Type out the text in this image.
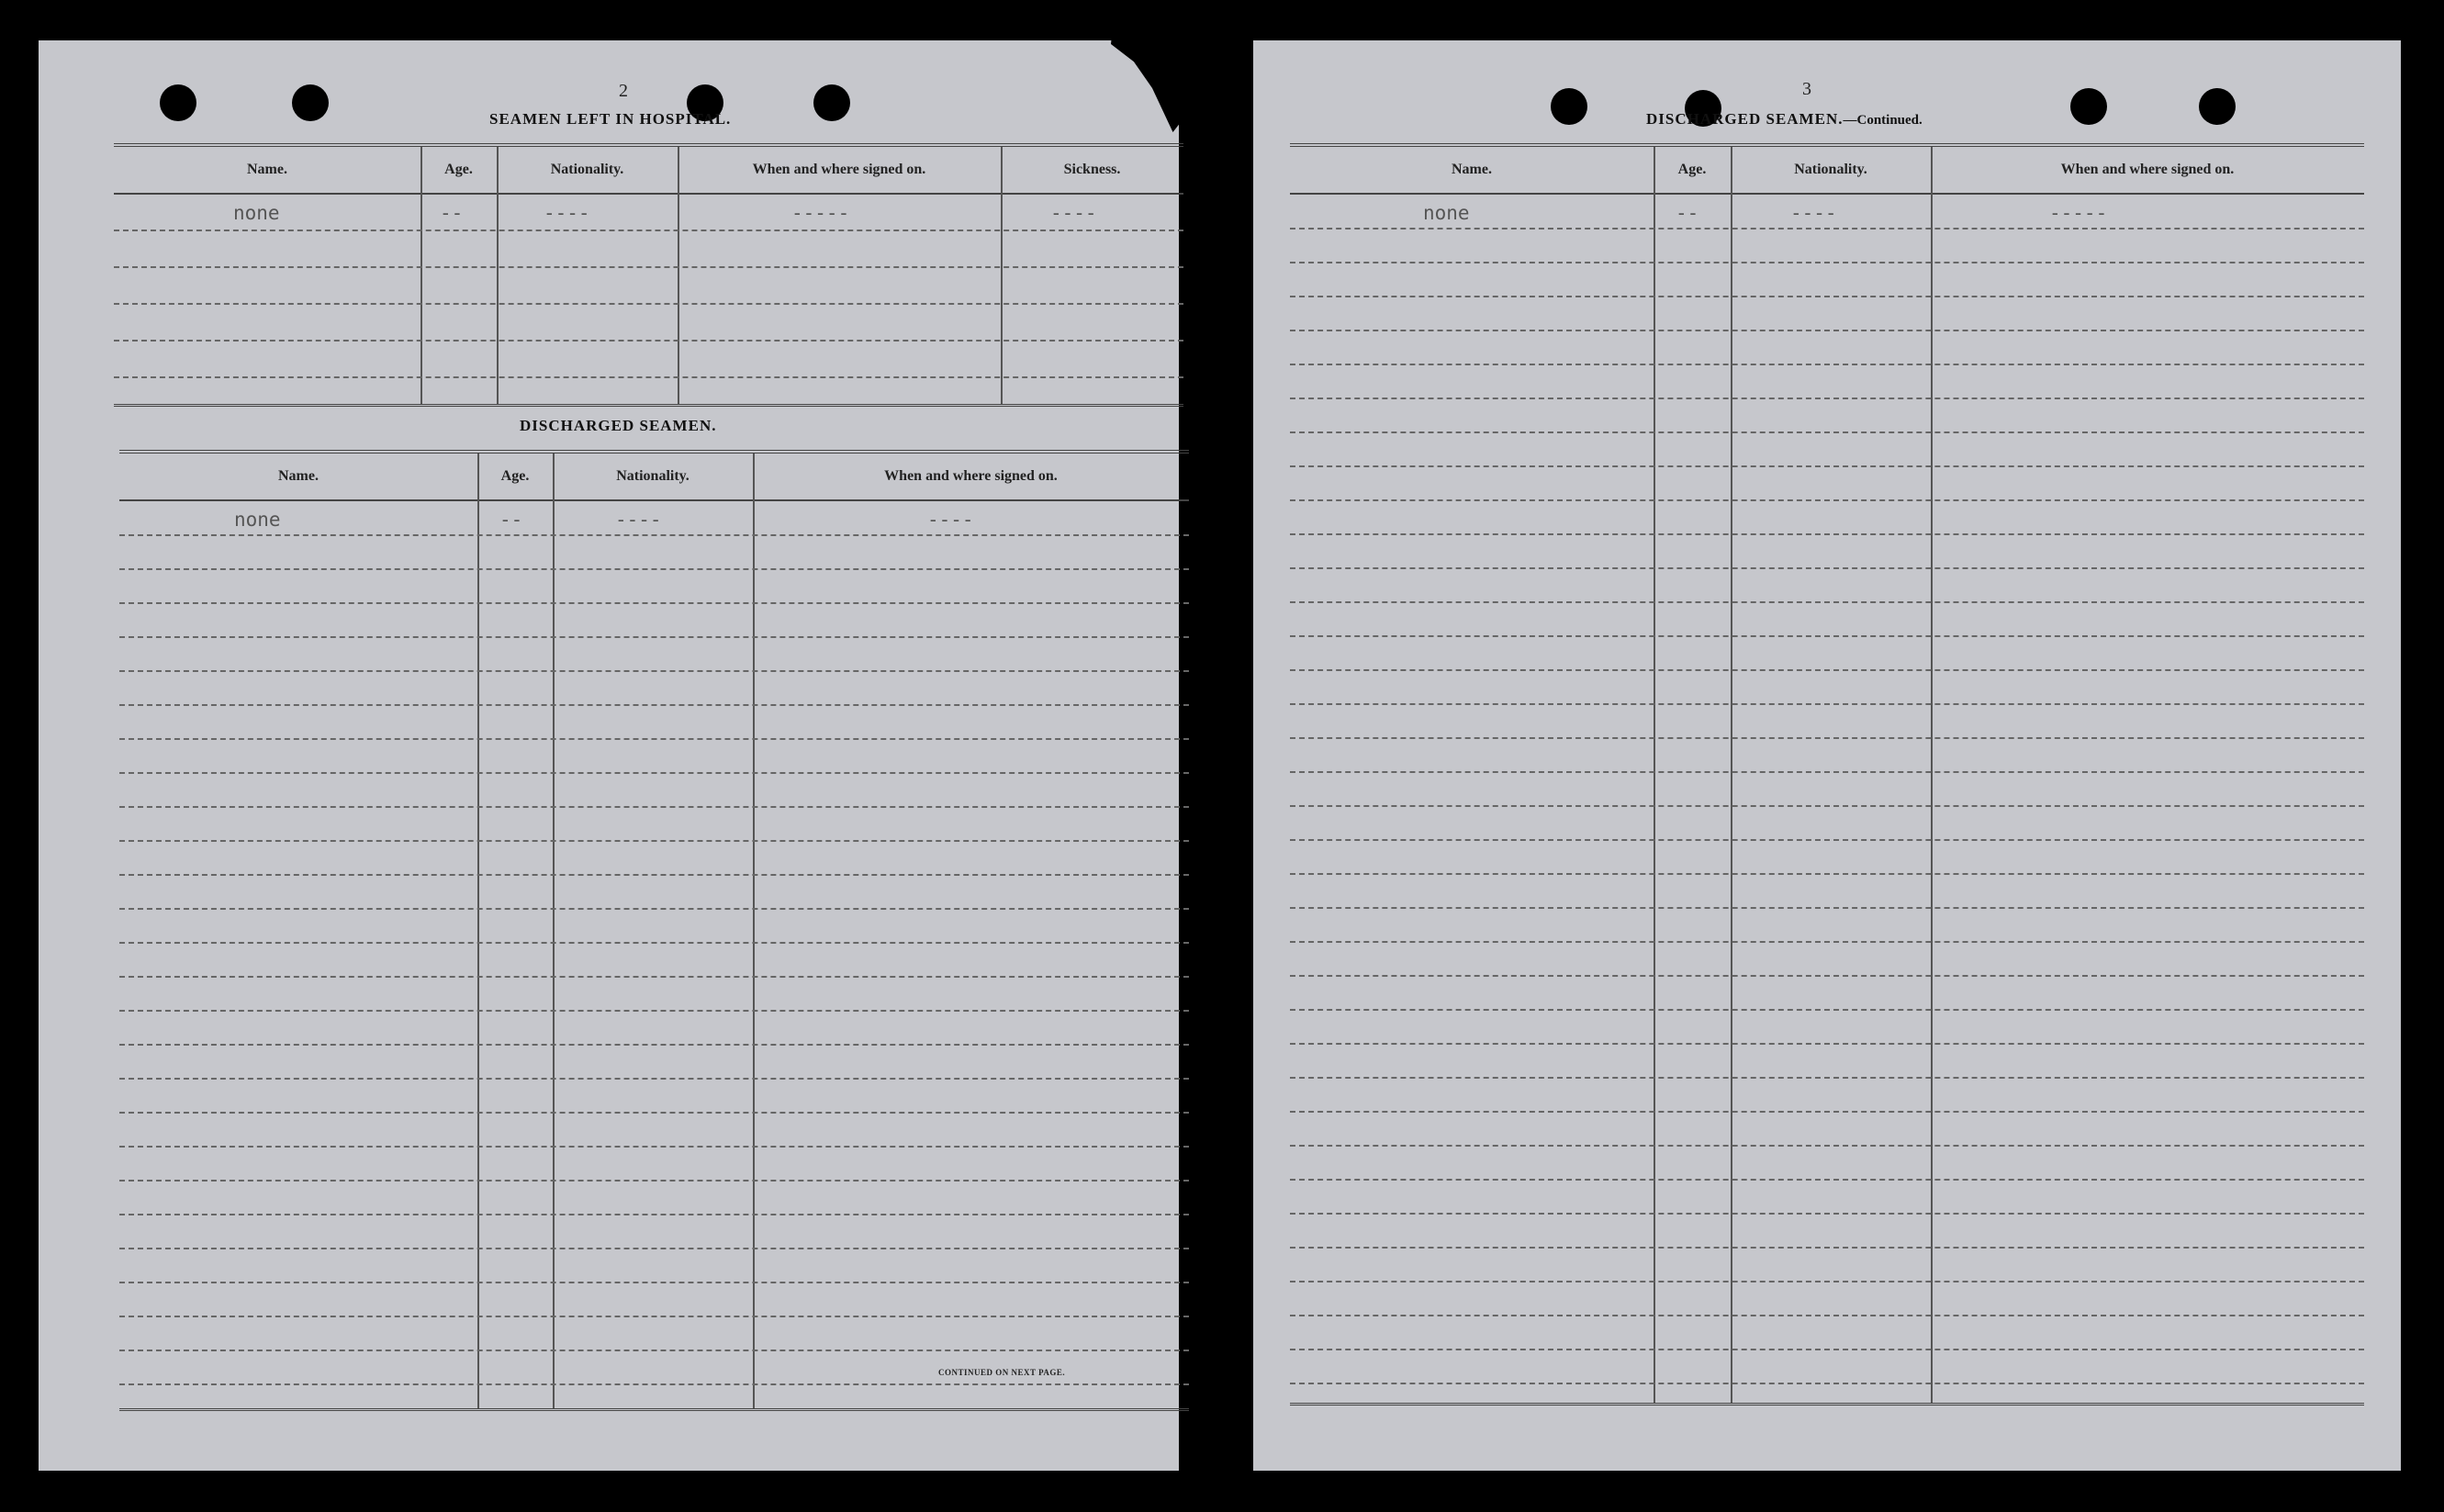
2
SEAMEN LEFT IN HOSPITAL.
Name.	Age.	Nationality.	When and where signed on.	Sickness.
none	--	----	-----	----
DISCHARGED SEAMEN.
Name.	Age.	Nationality.	When and where signed on.
none	--	----	----
CONTINUED ON NEXT PAGE.
3
DISCHARGED SEAMEN.—Continued.
Name.	Age.	Nationality.	When and where signed on.
none	--	----	-----
